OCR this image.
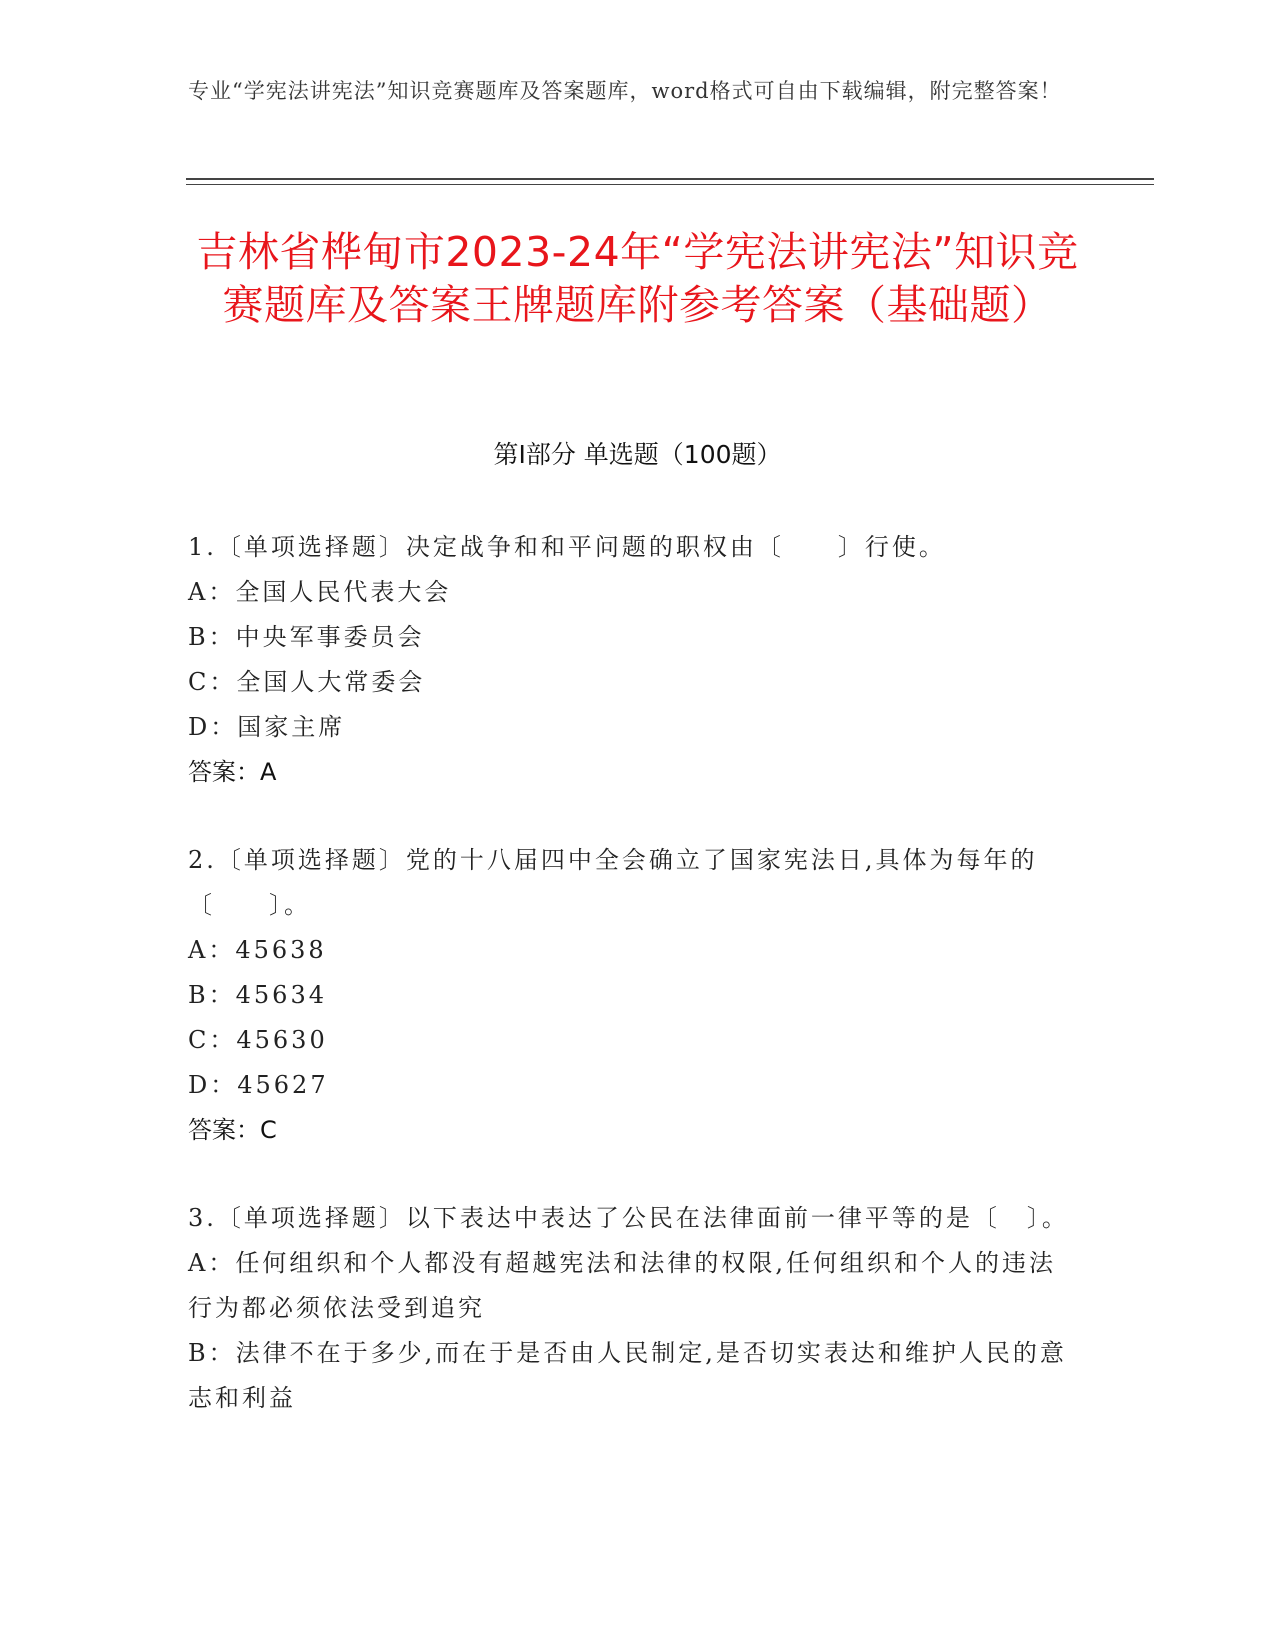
专业“学宪法讲宪法”知识竞赛题库及答案题库，word格式可自由下载编辑，附完整答案！
吉林省桦甸市2023-24年“学宪法讲宪法”知识竞赛题库及答案王牌题库附参考答案（基础题）
第Ⅰ部分 单选题（100题）
1.〔单项选择题〕决定战争和和平问题的职权由〔　　〕行使。
A：全国人民代表大会
B：中央军事委员会
C：全国人大常委会
D：国家主席
答案：A
2.〔单项选择题〕党的十八届四中全会确立了国家宪法日,具体为每年的〔　　〕。
A：45638
B：45634
C：45630
D：45627
答案：C
3.〔单项选择题〕以下表达中表达了公民在法律面前一律平等的是〔　〕。
A：任何组织和个人都没有超越宪法和法律的权限,任何组织和个人的违法行为都必须依法受到追究
B：法律不在于多少,而在于是否由人民制定,是否切实表达和维护人民的意志和利益
